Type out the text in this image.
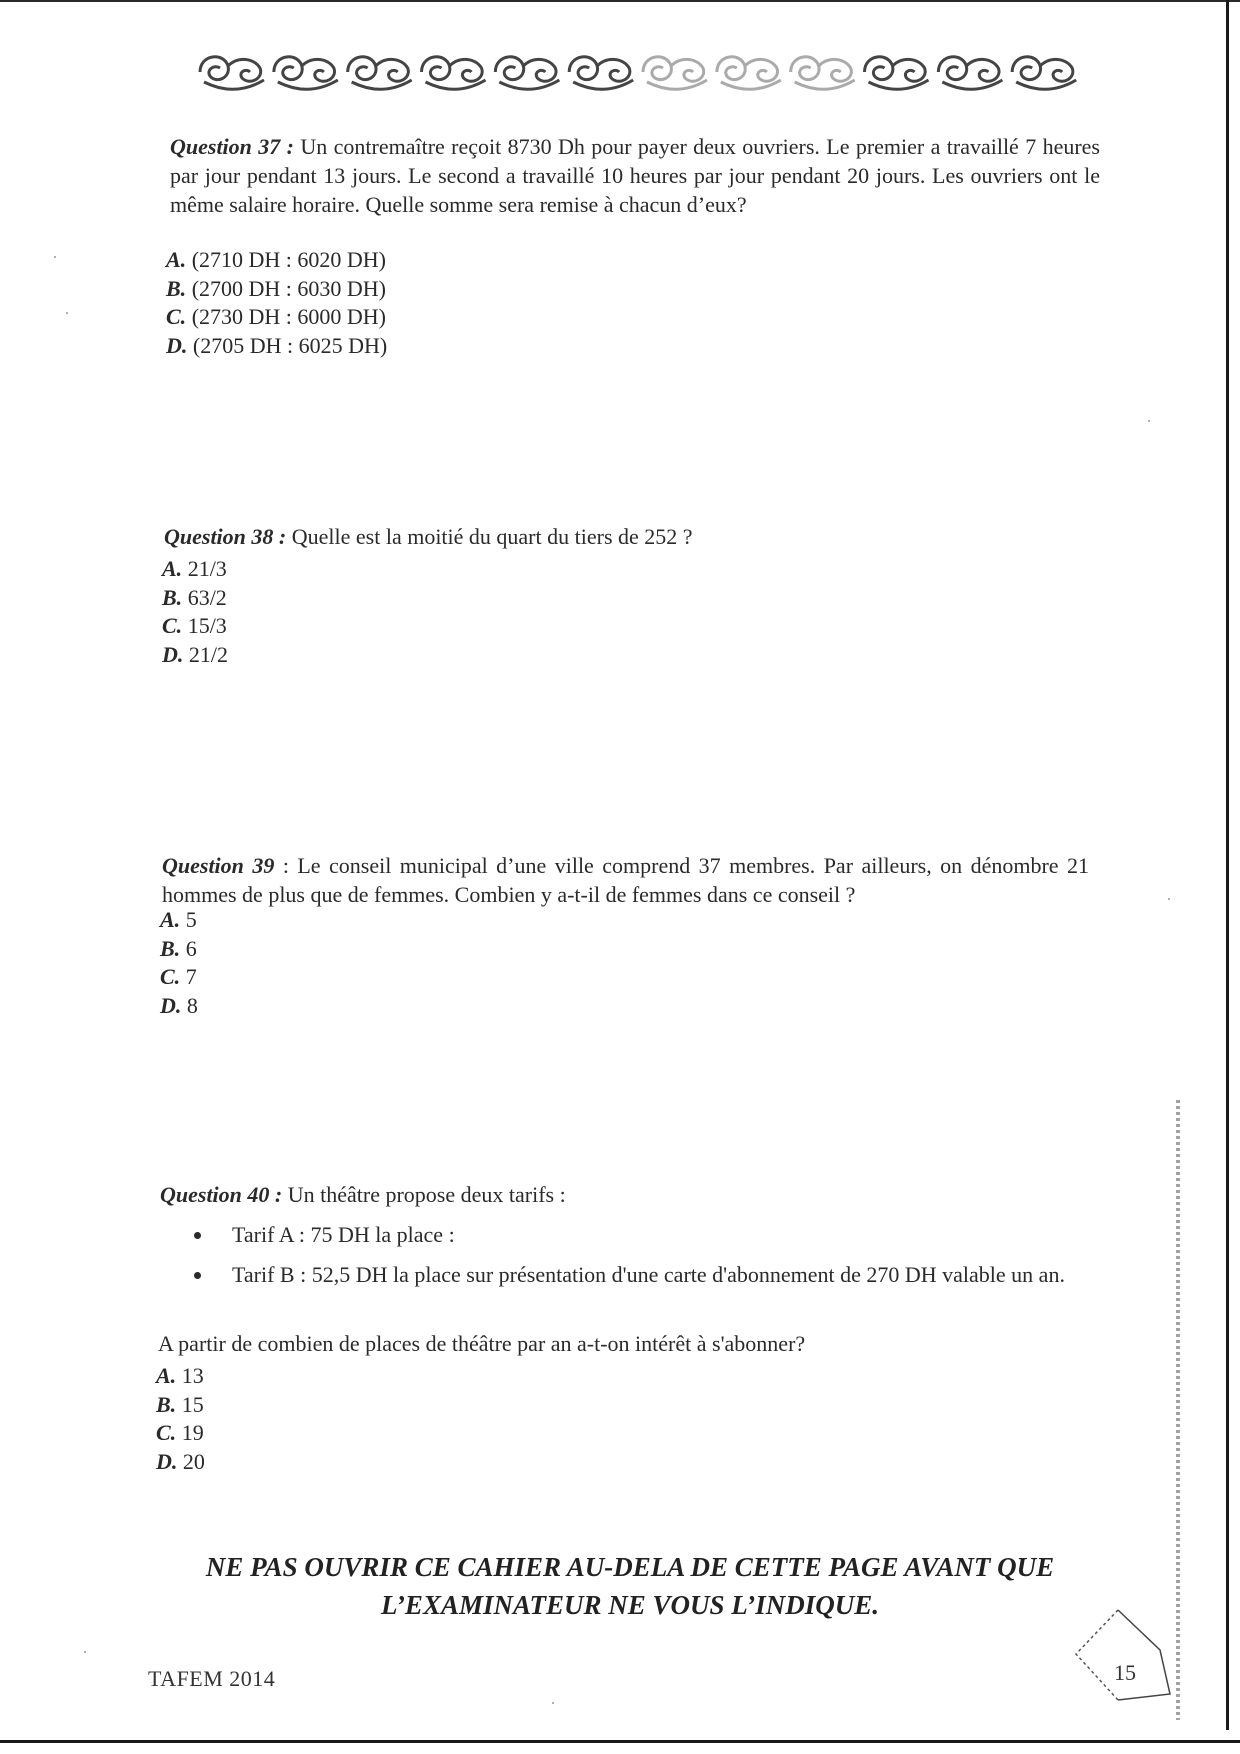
Question 37 : Un contremaître reçoit 8730 Dh pour payer deux ouvriers. Le premier a travaillé 7 heures par jour pendant 13 jours. Le second a travaillé 10 heures par jour pendant 20 jours. Les ouvriers ont le même salaire horaire. Quelle somme sera remise à chacun d’eux?
A. (2710 DH : 6020 DH)
B. (2700 DH : 6030 DH)
C. (2730 DH : 6000 DH)
D. (2705 DH : 6025 DH)
Question 38 : Quelle est la moitié du quart du tiers de 252 ?
A. 21/3
B. 63/2
C. 15/3
D. 21/2
Question 39 : Le conseil municipal d’une ville comprend 37 membres. Par ailleurs, on dénombre 21 hommes de plus que de femmes. Combien y a-t-il de femmes dans ce conseil ?
A. 5
B. 6
C. 7
D. 8
Question 40 : Un théâtre propose deux tarifs :
Tarif A : 75 DH la place :
Tarif B : 52,5 DH la place sur présentation d'une carte d'abonnement de 270 DH valable un an.
A partir de combien de places de théâtre par an a-t-on intérêt à s'abonner?
A. 13
B. 15
C. 19
D. 20
NE PAS OUVRIR CE CAHIER AU-DELA DE CETTE PAGE AVANT QUE
L’EXAMINATEUR NE VOUS L’INDIQUE.
TAFEM 2014	15
